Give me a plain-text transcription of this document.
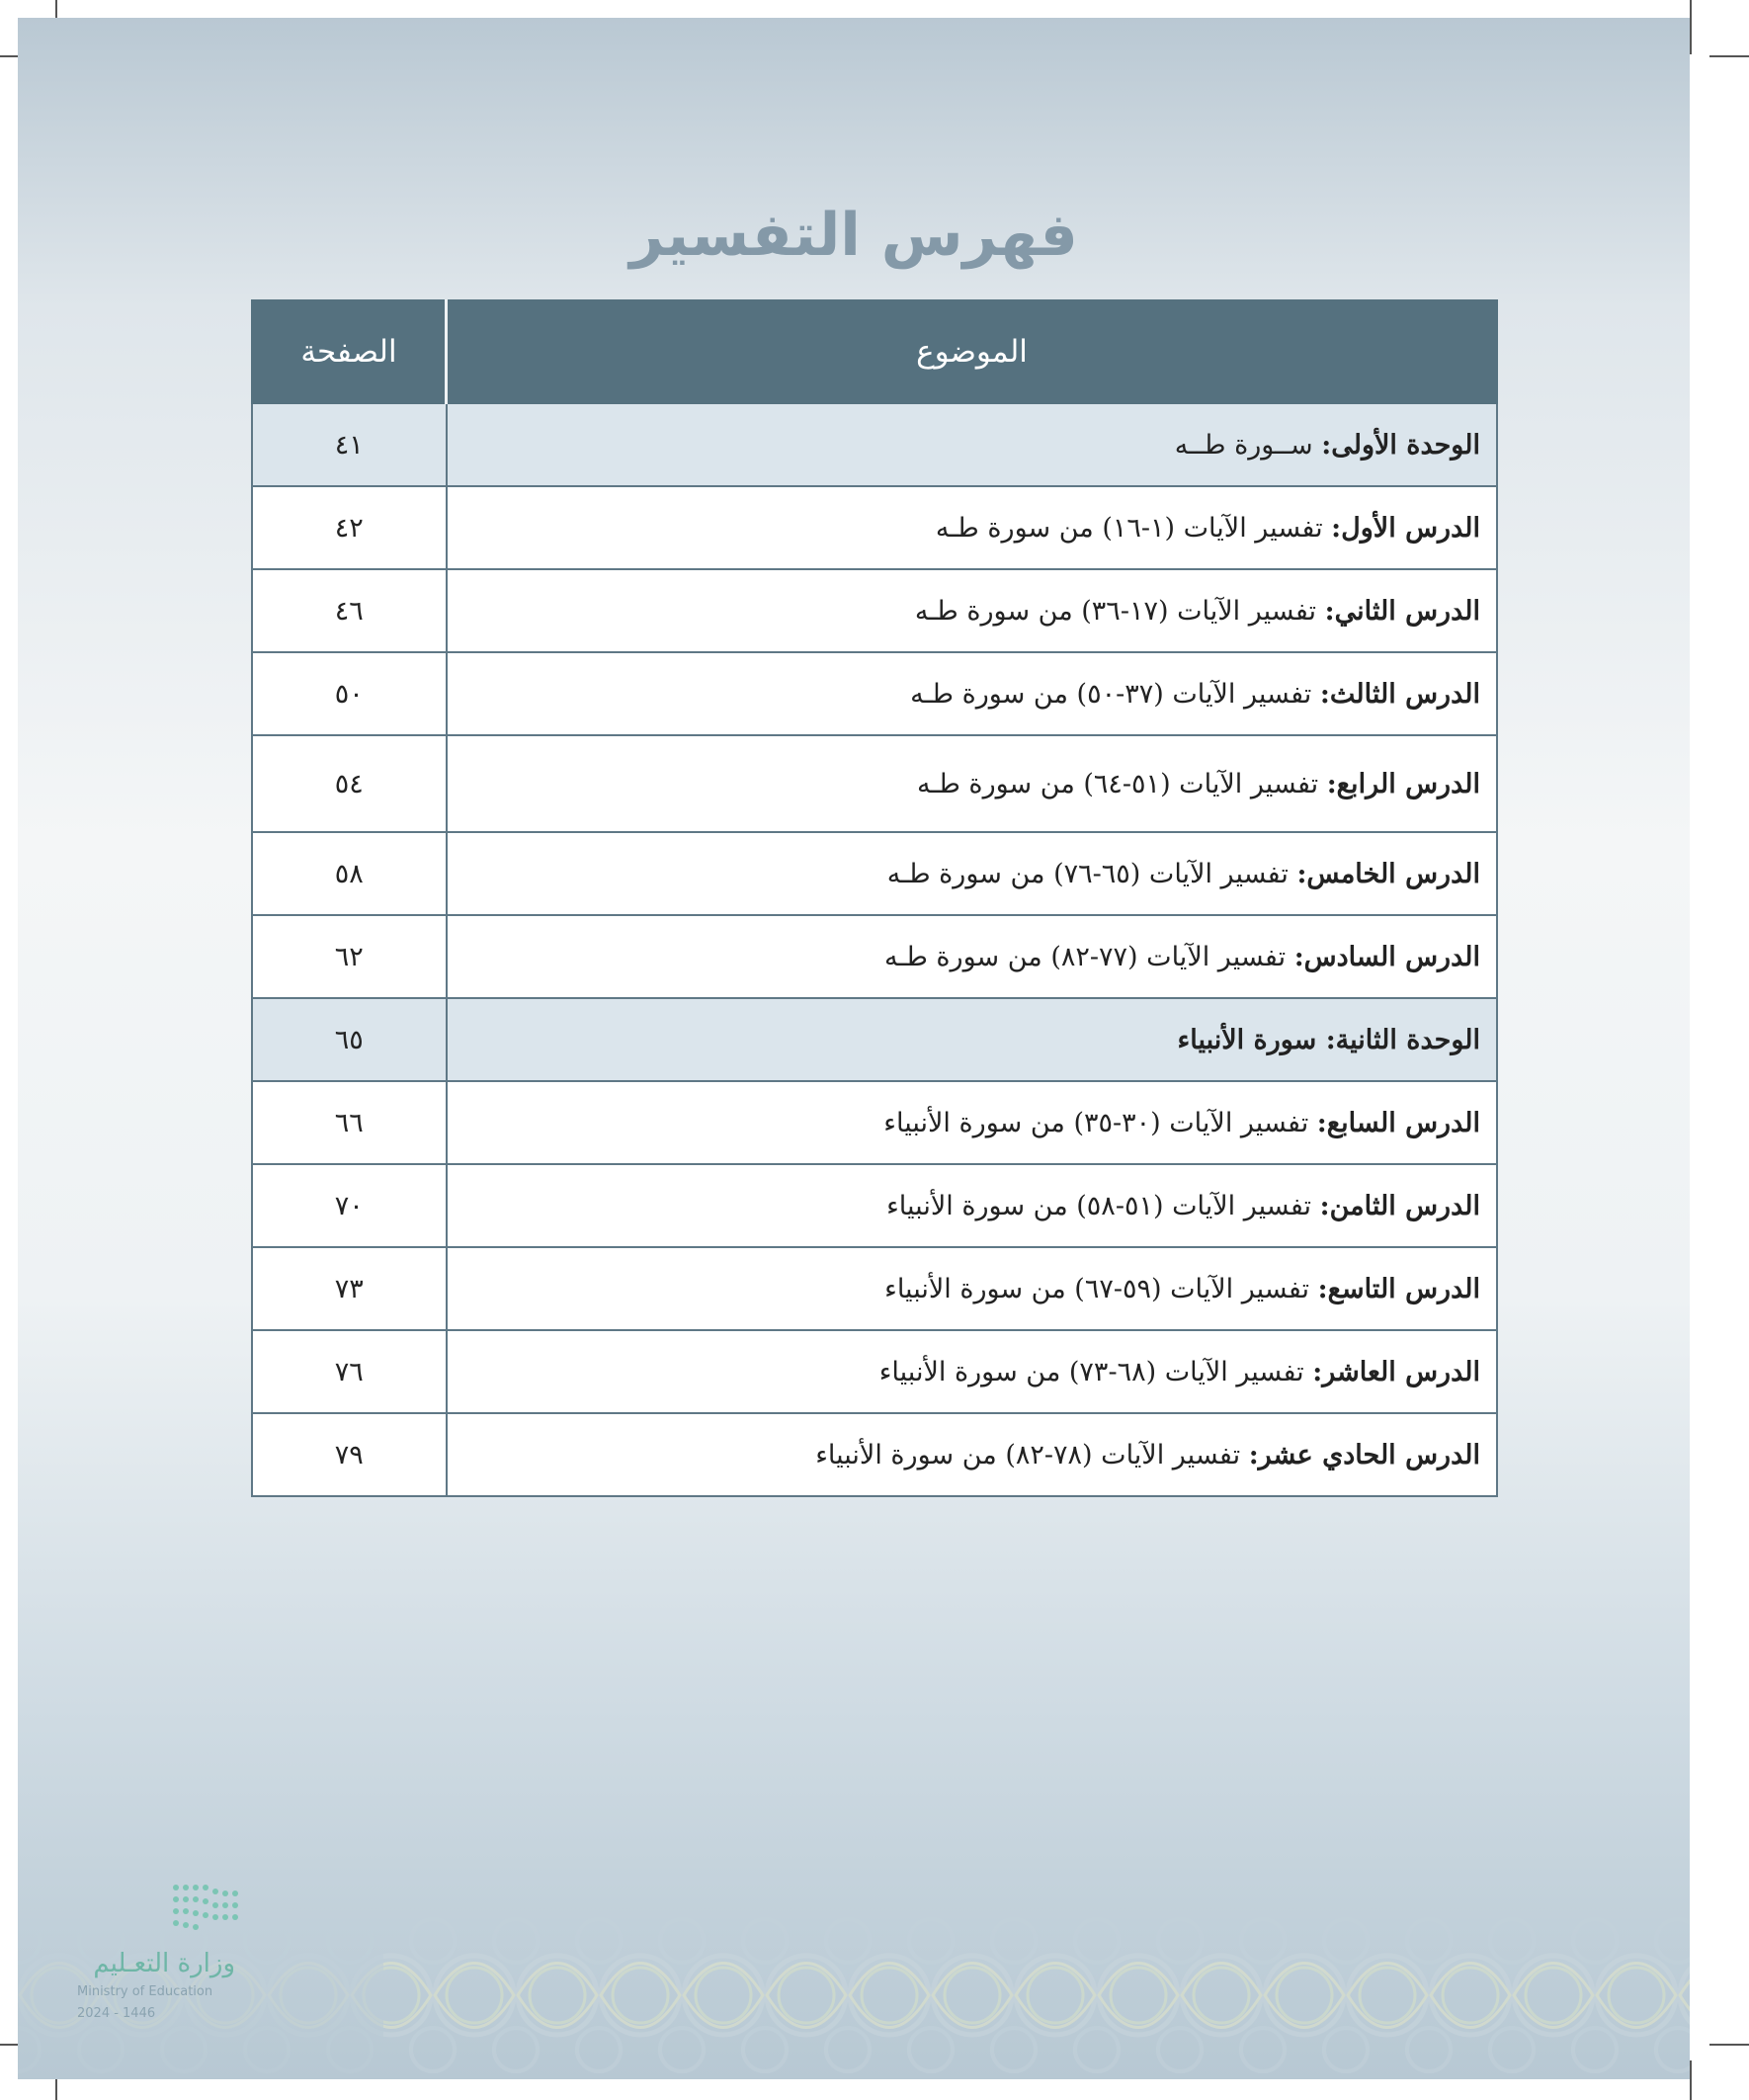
فهرس التفسير
الموضوع	الصفحة
الوحدة الأولى: ســورة طــه	٤١
الدرس الأول: تفسير الآيات (١-١٦) من سورة طـه	٤٢
الدرس الثاني: تفسير الآيات (١٧-٣٦) من سورة طـه	٤٦
الدرس الثالث: تفسير الآيات (٣٧-٥٠) من سورة طـه	٥٠
الدرس الرابع: تفسير الآيات (٥١-٦٤) من سورة طـه	٥٤
الدرس الخامس: تفسير الآيات (٦٥-٧٦) من سورة طـه	٥٨
الدرس السادس: تفسير الآيات (٧٧-٨٢) من سورة طـه	٦٢
الوحدة الثانية: سورة الأنبياء	٦٥
الدرس السابع: تفسير الآيات (٣٠-٣٥) من سورة الأنبياء	٦٦
الدرس الثامن: تفسير الآيات (٥١-٥٨) من سورة الأنبياء	٧٠
الدرس التاسع: تفسير الآيات (٥٩-٦٧) من سورة الأنبياء	٧٣
الدرس العاشر: تفسير الآيات (٦٨-٧٣) من سورة الأنبياء	٧٦
الدرس الحادي عشر: تفسير الآيات (٧٨-٨٢) من سورة الأنبياء	٧٩
وزارة التعـليم
Ministry of Education
2024 - 1446
